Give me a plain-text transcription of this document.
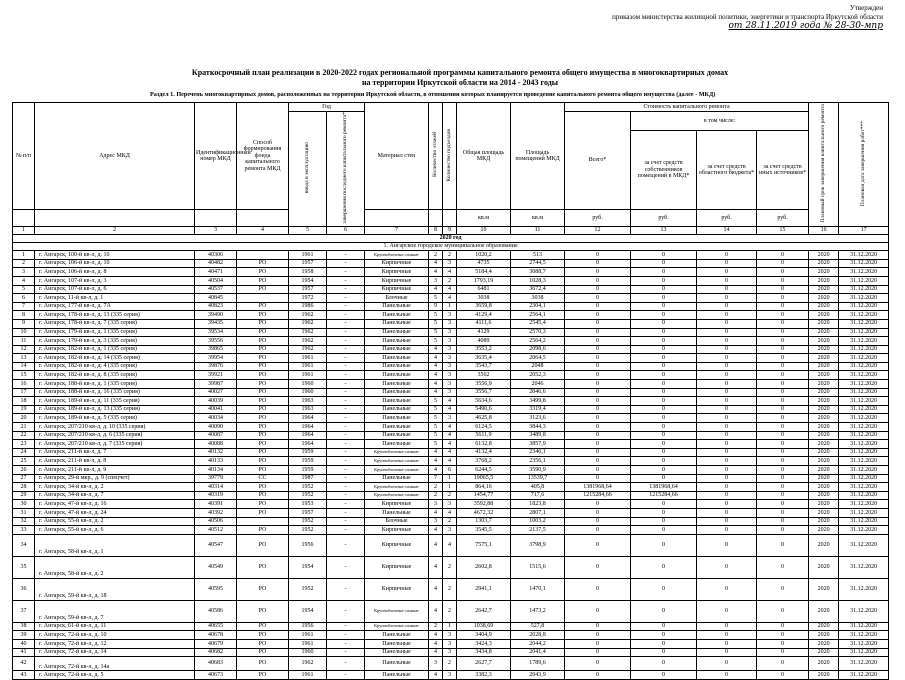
Утвержден
приказом министерства жилищной политики, энергетики и транспорта Иркутской области
от 28.11.2019 года № 28-30-мпр
Краткосрочный план реализации в 2020-2022 годах региональной программы капитального ремонта общего имущества в многоквартирных домах
на территории Иркутской области на 2014 - 2043 годы
Раздел 1. Перечень многоквартирных домов, расположенных на территории Иркутской области, в отношении которых планируется проведение капитального ремонта общего имущества (далее - МКД)
№ п/п	Адрес МКД	Идентификационный номер МКД	Способ формирования фонда капитального ремонта МКД	Год		Материал стен	Количество этажей	Количество подъездов	Общая площадь МКД	Площадь помещений МКД	Стоимость капитального ремонта				Плановый срок завершения капитального ремонта	Плановая дата завершения работ***
				ввода в эксплуатацию	завершения последнего капитального ремонта*						Всего*	в том числе:				
												за счет средств собственников помещений в МКД*	за счет средств областного бюджета*	за счет средств иных источников*		
									кв.м	кв.м	руб.	руб.	руб.	руб.		
1	2	3	4	5	6	7	8	9	10	11	12	13	14	15	16	17
2020 год																
1. Ангарское городское муниципальное образование																
1	г. Ангарск, 100-й кв-л, д. 10	40306		1961	-	Крупноблочные силикат	2	2	1020,2	513	0	0	0	0	2020	31.12.2020
2	г. Ангарск, 106-й кв-л, д. 10	40482	РО	1957	-	Кирпичные	4	3	4735	2744,5	0	0	0	0	2020	31.12.2020
3	г. Ангарск, 106-й кв-л, д. 8	40471	РО	1958	-	Кирпичные	4	4	5184,4	3088,7	0	0	0	0	2020	31.12.2020
4	г. Ангарск, 107-й кв-л, д. 3	40504	РО	1954	-	Кирпичные	3	2	1793,19	1028,3	0	0	0	0	2020	31.12.2020
5	г. Ангарск, 107-й кв-л, д. 6	40537	РО	1957	-	Кирпичные	4	4	6481	3672,4	0	0	0	0	2020	31.12.2020
6	г. Ангарск, 11-й кв-л, д. 1	40845		1972	-	Блочные	5	4	3038	3038	0	0	0	0	2020	31.12.2020
7	г. Ангарск, 177-й кв-л, д. 7А	40823	РО	1986	-	Панельные	9	1	3659,8	2304,1	0	0	0	0	2020	31.12.2020
8	г. Ангарск, 178-й кв-л, д. 13 (335 серия)	39490	РО	1962	-	Панельные	5	3	4129,4	2564,1	0	0	0	0	2020	31.12.2020
9	г. Ангарск, 178-й кв-л, д. 7 (335 серия)	39435	РО	1962	-	Панельные	5	3	4111,6	2545,4	0	0	0	0	2020	31.12.2020
10	г. Ангарск, 179-й кв-л, д. 1 (335 серия)	39534	РО	1962	-	Панельные	5	3	4129	2570,3	0	0	0	0	2020	31.12.2020
11	г. Ангарск, 179-й кв-л, д. 3 (335 серия)	39556	РО	1962	-	Панельные	5	3	4089	2564,2	0	0	0	0	2020	31.12.2020
12	г. Ангарск, 182-й кв-л, д. 1 (335 серия)	39865	РО	1962	-	Панельные	4	3	3553,2	2098,6	0	0	0	0	2020	31.12.2020
13	г. Ангарск, 182-й кв-л, д. 14 (335 серия)	39954	РО	1961	-	Панельные	4	3	3635,4	2064,5	0	0	0	0	2020	31.12.2020
14	г. Ангарск, 182-й кв-л, д. 4 (335 серия)	39876	РО	1961	-	Панельные	4	3	3543,7	2048	0	0	0	0	2020	31.12.2020
15	г. Ангарск, 182-й кв-л, д. 8 (335 серия)	39921	РО	1961	-	Панельные	4	3	3562	2052,3	0	0	0	0	2020	31.12.2020
16	г. Ангарск, 188-й кв-л, д. 1 (335 серия)	39987	РО	1960	-	Панельные	4	3	3556,9	2046	0	0	0	0	2020	31.12.2020
17	г. Ангарск, 188-й кв-л, д. 16 (335 серия)	40027	РО	1960	-	Панельные	4	3	3556,7	2046,6	0	0	0	0	2020	31.12.2020
18	г. Ангарск, 189-й кв-л, д. 11 (335 серия)	40039	РО	1963	-	Панельные	5	4	5634,6	3499,8	0	0	0	0	2020	31.12.2020
19	г. Ангарск, 189-й кв-л, д. 13 (335 серия)	40041	РО	1963	-	Панельные	5	4	5490,6	3319,4	0	0	0	0	2020	31.12.2020
20	г. Ангарск, 189-й кв-л, д. 5 (335 серия)	40034	РО	1964	-	Панельные	5	3	4625,8	3123,6	0	0	0	0	2020	31.12.2020
21	г. Ангарск, 207/210 кв-л, д. 10 (335 серия)	40090	РО	1964	-	Панельные	5	4	6124,5	3844,3	0	0	0	0	2020	31.12.2020
22	г. Ангарск, 207/210 кв-л, д. 6 (335 серия)	40087	РО	1964	-	Панельные	5	4	5611,9	3489,8	0	0	0	0	2020	31.12.2020
23	г. Ангарск, 207/210 кв-л, д. 7 (335 серия)	40088	РО	1964	-	Панельные	5	4	6132,8	3857,9	0	0	0	0	2020	31.12.2020
24	г. Ангарск, 211-й кв-л, д. 7	40132	РО	1959	-	Крупноблочные силикат	4	4	4132,4	2346,1	0	0	0	0	2020	31.12.2020
25	г. Ангарск, 211-й кв-л, д. 8	40133	РО	1959	-	Крупноблочные силикат	4	4	3768,2	2356,1	0	0	0	0	2020	31.12.2020
26	г. Ангарск, 211-й кв-л, д. 9	40134	РО	1959	-	Крупноблочные силикат	4	6	6244,5	3590,9	0	0	0	0	2020	31.12.2020
27	г. Ангарск, 29-й мкр., д. 9 (спецчет)	39779	СС	1987	-	Панельные	7	1	19065,5	13539,7	0	0	0	0	2020	31.12.2020
28	г. Ангарск, 34-й кв-л, д. 2	40314	РО	1952	-	Крупноблочные силикат	2	1	864,16	405,8	1381968,64	1381968,64	0	0	2020	31.12.2020
29	г. Ангарск, 34-й кв-л, д. 7	40319	РО	1952	-	Крупноблочные силикат	2	2	1454,77	717,6	1215284,66	1215284,66	0	0	2020	31.12.2020
30	г. Ангарск, 47-й кв-л, д. 16	40391	РО	1953	-	Кирпичные	3	3	3592,88	1823,8	0	0	0	0	2020	31.12.2020
31	г. Ангарск, 47-й кв-л, д. 24	40392	РО	1957	-	Панельные	4	4	4672,32	2807,1	0	0	0	0	2020	31.12.2020
32	г. Ангарск, 55-й кв-л, д. 2	40506		1952	-	Блочные	3	2	1303,7	1003,2	0	0	0	0	2020	31.12.2020
33	г. Ангарск, 55-й кв-л, д. 6	40512	РО	1952	-	Кирпичные	4	3	3545,5	2137,5	0	0	0	0	2020	31.12.2020
34	г. Ангарск, 58-й кв-л, д. 1	40547	РО	1956	-	Кирпичные	4	4	7575,1	3798,9	0	0	0	0	2020	31.12.2020
35	г. Ангарск, 58-й кв-л, д. 2	40549	РО	1954	-	Кирпичные	4	2	2602,8	1515,6	0	0	0	0	2020	31.12.2020
36	г. Ангарск, 59-й кв-л, д. 18	40595	РО	1952	-	Кирпичные	4	2	2941,1	1470,1	0	0	0	0	2020	31.12.2020
37	г. Ангарск, 59-й кв-л, д. 7	40586	РО	1954	-	Крупноблочные силикат	4	2	2642,7	1473,2	0	0	0	0	2020	31.12.2020
38	г. Ангарск, 61-й кв-л, д. 11	40655	РО	1956	-	Крупноблочные силикат	2	1	1038,69	527,8	0	0	0	0	2020	31.12.2020
39	г. Ангарск, 72-й кв-л, д. 10	40678	РО	1961	-	Панельные	4	3	3404,9	2028,8	0	0	0	0	2020	31.12.2020
40	г. Ангарск, 72-й кв-л, д. 12	40679	РО	1961	-	Панельные	4	3	3424,3	2044,2	0	0	0	0	2020	31.12.2020
41	г. Ангарск, 72-й кв-л, д. 14	40682	РО	1960	-	Панельные	4	3	3434,8	2041,4	0	0	0	0	2020	31.12.2020
42	г. Ангарск, 72-й кв-л, д. 14а	40683	РО	1962	-	Панельные	3	2	2627,7	1789,6	0	0	0	0	2020	31.12.2020
43	г. Ангарск, 72-й кв-л, д. 5	40673	РО	1961	-	Панельные	4	3	3382,3	2043,9	0	0	0	0	2020	31.12.2020
